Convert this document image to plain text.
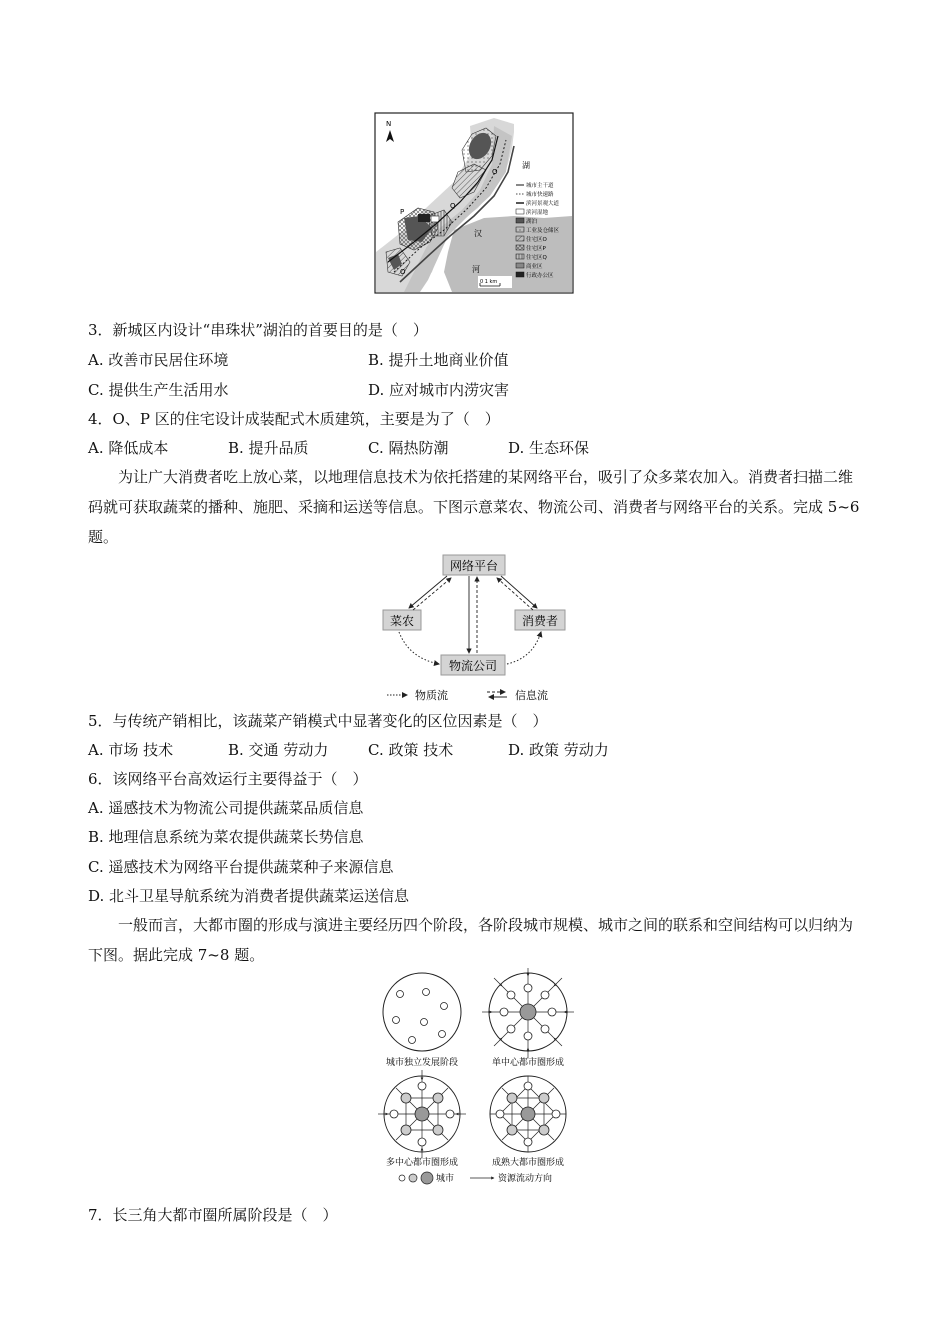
N
湖
汉
河
O
P
Q
O
城市主干道
城市快速路
滨河景观大道
滨河湿地
湖泊
工业及仓储区
住宅区O
住宅区P
住宅区Q
商业区
行政办公区
0 1 km
3．新城区内设计“串珠状”湖泊的首要目的是（　）
A. 改善市民居住环境	B. 提升土地商业价值
C. 提供生产生活用水	D. 应对城市内涝灾害
4．O、P 区的住宅设计成装配式木质建筑，主要是为了（　）
A. 降低成本	B. 提升品质	C. 隔热防潮	D. 生态环保
为让广大消费者吃上放心菜，以地理信息技术为依托搭建的某网络平台，吸引了众多菜农加入。消费者扫描二维码就可获取蔬菜的播种、施肥、采摘和运送等信息。下图示意菜农、物流公司、消费者与网络平台的关系。完成 5~6 题。
网络平台
菜农	消费者
物流公司
物质流	信息流
5．与传统产销相比，该蔬菜产销模式中显著变化的区位因素是（　）
A. 市场 技术	B. 交通 劳动力	C. 政策 技术	D. 政策 劳动力
6．该网络平台高效运行主要得益于（　）
A. 遥感技术为物流公司提供蔬菜品质信息
B. 地理信息系统为菜农提供蔬菜长势信息
C. 遥感技术为网络平台提供蔬菜种子来源信息
D. 北斗卫星导航系统为消费者提供蔬菜运送信息
一般而言，大都市圈的形成与演进主要经历四个阶段，各阶段城市规模、城市之间的联系和空间结构可以归纳为下图。据此完成 7~8 题。
城市独立发展阶段	单中心都市圈形成
多中心都市圈形成	成熟大都市圈形成
城市	资源流动方向
7．长三角大都市圈所属阶段是（　）
